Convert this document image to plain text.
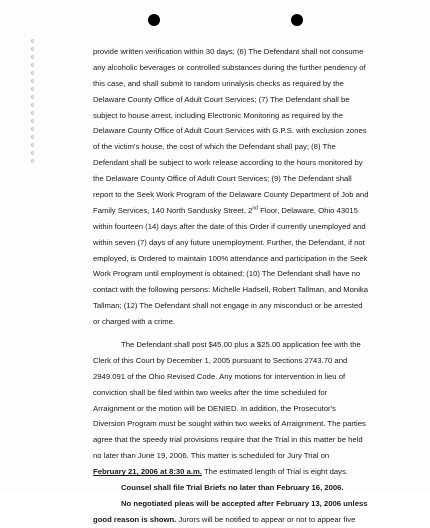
0 0 0 0 0 0 0 0 0 0 0 0 0 0 0 0
provide written verification within 30 days; (6) The Defendant shall not consume
any alcoholic beverages or controlled substances during the further pendency of
this case, and shall submit to random urinalysis checks as required by the
Delaware County Office of Adult Court Services; (7) The Defendant shall be
subject to house arrest, including Electronic Monitoring as required by the
Delaware County Office of Adult Court Services with G.P.S. with exclusion zones
of the victim's house, the cost of which the Defendant shall pay; (8) The
Defendant shall be subject to work release according to the hours monitored by
the Delaware County Office of Adult Court Services; (9) The Defendant shall
report to the Seek Work Program of the Delaware County Department of Job and
Family Services, 140 North Sandusky Street, 2nd Floor, Delaware, Ohio 43015
within fourteen (14) days after the date of this Order if currently unemployed and
within seven (7) days of any future unemployment. Further, the Defendant, if not
employed, is Ordered to maintain 100% attendance and participation in the Seek
Work Program until employment is obtained; (10) The Defendant shall have no
contact with the following persons: Michelle Hadsell, Robert Tallman, and Monika
Tallman; (12) The Defendant shall not engage in any misconduct or be arrested
or charged with a crime.
The Defendant shall post $45.00 plus a $25.00 application fee with the
Clerk of this Court by December 1, 2005 pursuant to Sections 2743.70 and
2949.091 of the Ohio Revised Code. Any motions for intervention in lieu of
conviction shall be filed within two weeks after the time scheduled for
Arraignment or the motion will be DENIED. In addition, the Prosecutor's
Diversion Program must be sought within two weeks of Arraignment. The parties
agree that the speedy trial provisions require that the Trial in this matter be held
no later than June 19, 2006. This matter is scheduled for Jury Trial on
February 21, 2006 at 8:30 a.m. The estimated length of Trial is eight days.
Counsel shall file Trial Briefs no later than February 16, 2006.
No negotiated pleas will be accepted after February 13, 2006 unless
good reason is shown. Jurors will be notified to appear or not to appear five
